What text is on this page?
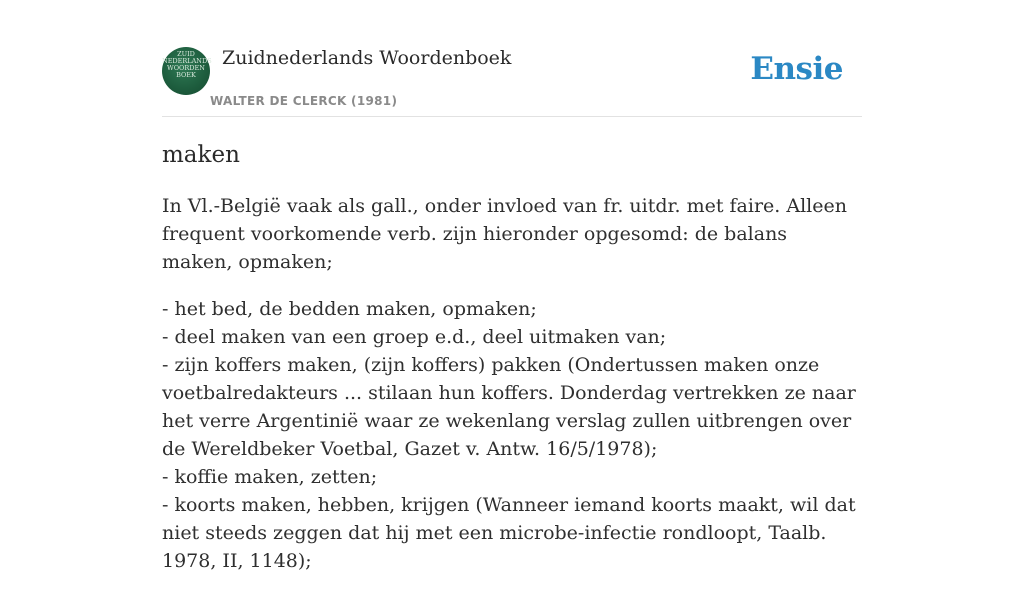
ZUID
NEDERLANDS
WOORDEN
BOEK
Zuidnederlands Woordenboek
WALTER DE CLERCK (1981)
Ensie
maken

In Vl.-België vaak als gall., onder invloed van fr. uitdr. met faire. Alleen frequent voorkomende verb. zijn hieronder opgesomd: de balans maken, opmaken;

- het bed, de bedden maken, opmaken;
- deel maken van een groep e.d., deel uitmaken van;
- zijn koffers maken, (zijn koffers) pakken (Ondertussen maken onze voetbalredakteurs ... stilaan hun koffers. Donderdag vertrekken ze naar het verre Argentinië waar ze wekenlang verslag zullen uitbrengen over de Wereldbeker Voetbal, Gazet v. Antw. 16/5/1978);
- koffie maken, zetten;
- koorts maken, hebben, krijgen (Wanneer iemand koorts maakt, wil dat niet steeds zeggen dat hij met een microbe-infectie rondloopt, Taalb. 1978, II, 1148);
